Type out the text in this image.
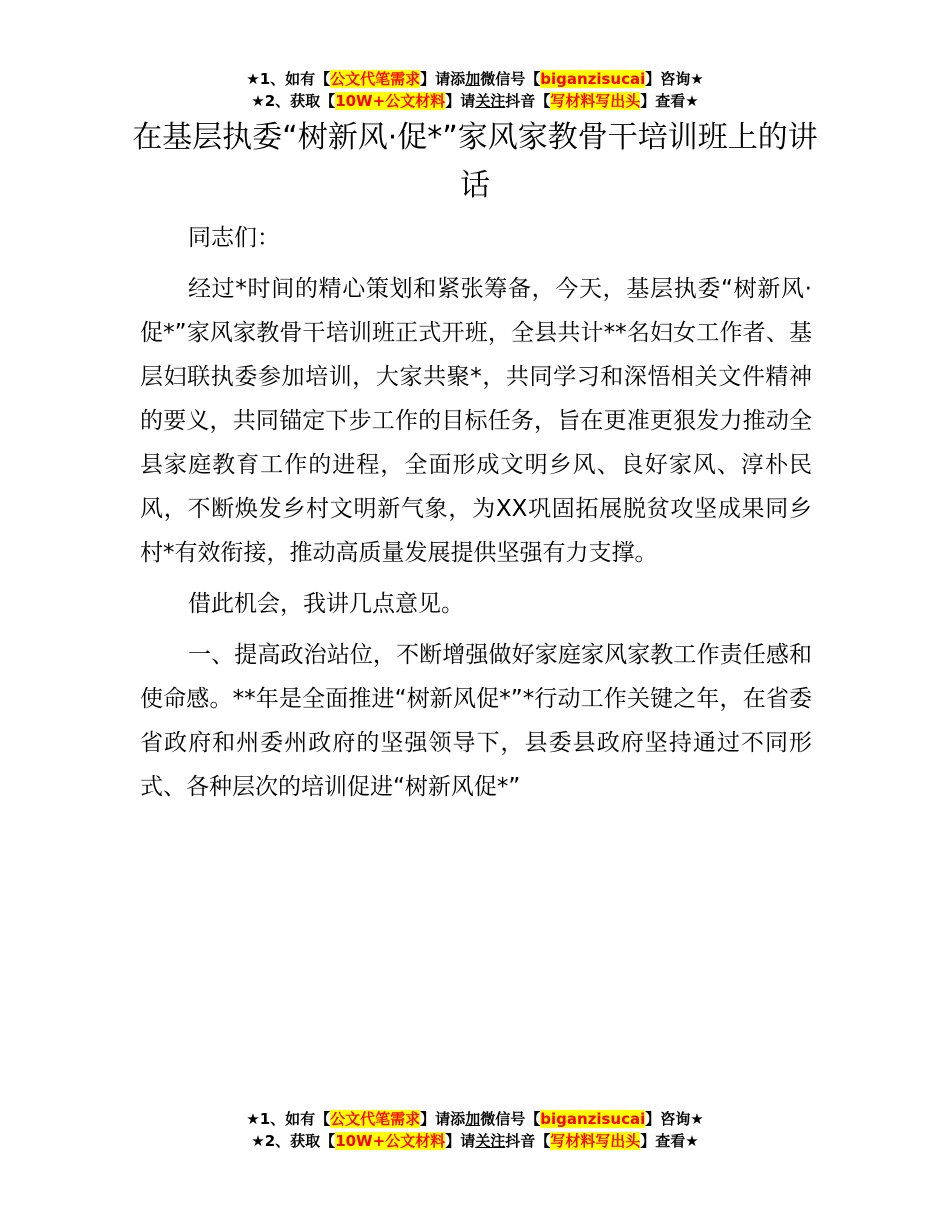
★1、如有【公文代笔需求】请添加微信号【biganzisucai】咨询★
★2、获取【10W+公文材料】请关注抖音【写材料写出头】查看★
在基层执委“树新风·促*”家风家教骨干培训班上的讲话

同志们：

经过*时间的精心策划和紧张筹备，今天，基层执委“树新风·促*”家风家教骨干培训班正式开班，全县共计**名妇女工作者、基层妇联执委参加培训，大家共聚*，共同学习和深悟相关文件精神的要义，共同锚定下步工作的目标任务，旨在更准更狠发力推动全县家庭教育工作的进程，全面形成文明乡风、良好家风、淳朴民风，不断焕发乡村文明新气象，为XX巩固拓展脱贫攻坚成果同乡村*有效衔接，推动高质量发展提供坚强有力支撑。

借此机会，我讲几点意见。

一、提高政治站位，不断增强做好家庭家风家教工作责任感和使命感。**年是全面推进“树新风促*”*行动工作关键之年，在省委省政府和州委州政府的坚强领导下，县委县政府坚持通过不同形式、各种层次的培训促进“树新风促*”

★1、如有【公文代笔需求】请添加微信号【biganzisucai】咨询★
★2、获取【10W+公文材料】请关注抖音【写材料写出头】查看★
